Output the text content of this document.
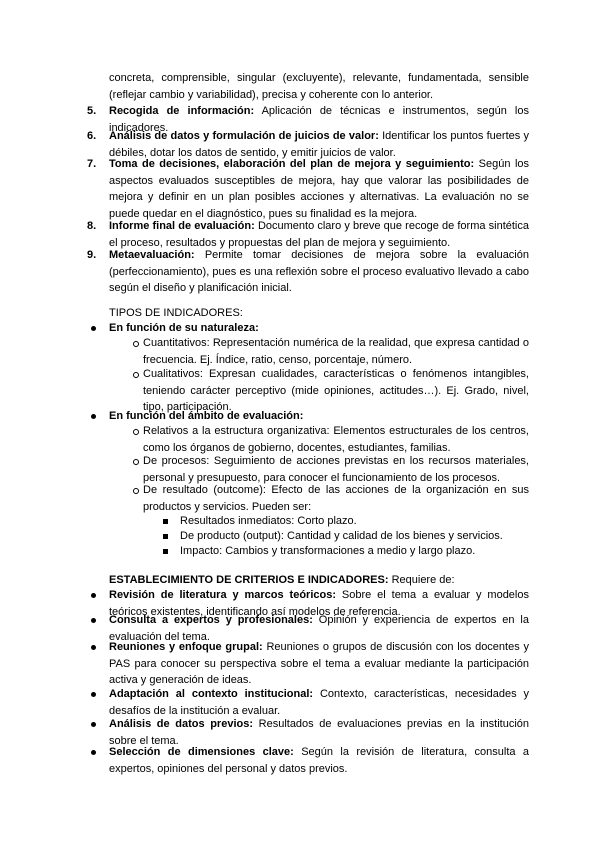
concreta, comprensible, singular (excluyente), relevante, fundamentada, sensible (reflejar cambio y variabilidad), precisa y coherente con lo anterior.

5. Recogida de información: Aplicación de técnicas e instrumentos, según los indicadores.

6. Análisis de datos y formulación de juicios de valor: Identificar los puntos fuertes y débiles, dotar los datos de sentido, y emitir juicios de valor.

7. Toma de decisiones, elaboración del plan de mejora y seguimiento: Según los aspectos evaluados susceptibles de mejora, hay que valorar las posibilidades de mejora y definir en un plan posibles acciones y alternativas. La evaluación no se puede quedar en el diagnóstico, pues su finalidad es la mejora.

8. Informe final de evaluación: Documento claro y breve que recoge de forma sintética el proceso, resultados y propuestas del plan de mejora y seguimiento.

9. Metaevaluación: Permite tomar decisiones de mejora sobre la evaluación (perfeccionamiento), pues es una reflexión sobre el proceso evaluativo llevado a cabo según el diseño y planificación inicial.

TIPOS DE INDICADORES:
En función de su naturaleza:

Cuantitativos: Representación numérica de la realidad, que expresa cantidad o frecuencia. Ej. Índice, ratio, censo, porcentaje, número.

Cualitativos: Expresan cualidades, características o fenómenos intangibles, teniendo carácter perceptivo (mide opiniones, actitudes…). Ej. Grado, nivel, tipo, participación.

En función del ámbito de evaluación:

Relativos a la estructura organizativa: Elementos estructurales de los centros, como los órganos de gobierno, docentes, estudiantes, familias.

De procesos: Seguimiento de acciones previstas en los recursos materiales, personal y presupuesto, para conocer el funcionamiento de los procesos.

De resultado (outcome): Efecto de las acciones de la organización en sus productos y servicios. Pueden ser:

Resultados inmediatos: Corto plazo.

De producto (output): Cantidad y calidad de los bienes y servicios.

Impacto: Cambios y transformaciones a medio y largo plazo.

ESTABLECIMIENTO DE CRITERIOS E INDICADORES: Requiere de:

Revisión de literatura y marcos teóricos: Sobre el tema a evaluar y modelos teóricos existentes, identificando así modelos de referencia.

Consulta a expertos y profesionales: Opinión y experiencia de expertos en la evaluación del tema.

Reuniones y enfoque grupal: Reuniones o grupos de discusión con los docentes y PAS para conocer su perspectiva sobre el tema a evaluar mediante la participación activa y generación de ideas.

Adaptación al contexto institucional: Contexto, características, necesidades y desafíos de la institución a evaluar.

Análisis de datos previos: Resultados de evaluaciones previas en la institución sobre el tema.

Selección de dimensiones clave: Según la revisión de literatura, consulta a expertos, opiniones del personal y datos previos.
